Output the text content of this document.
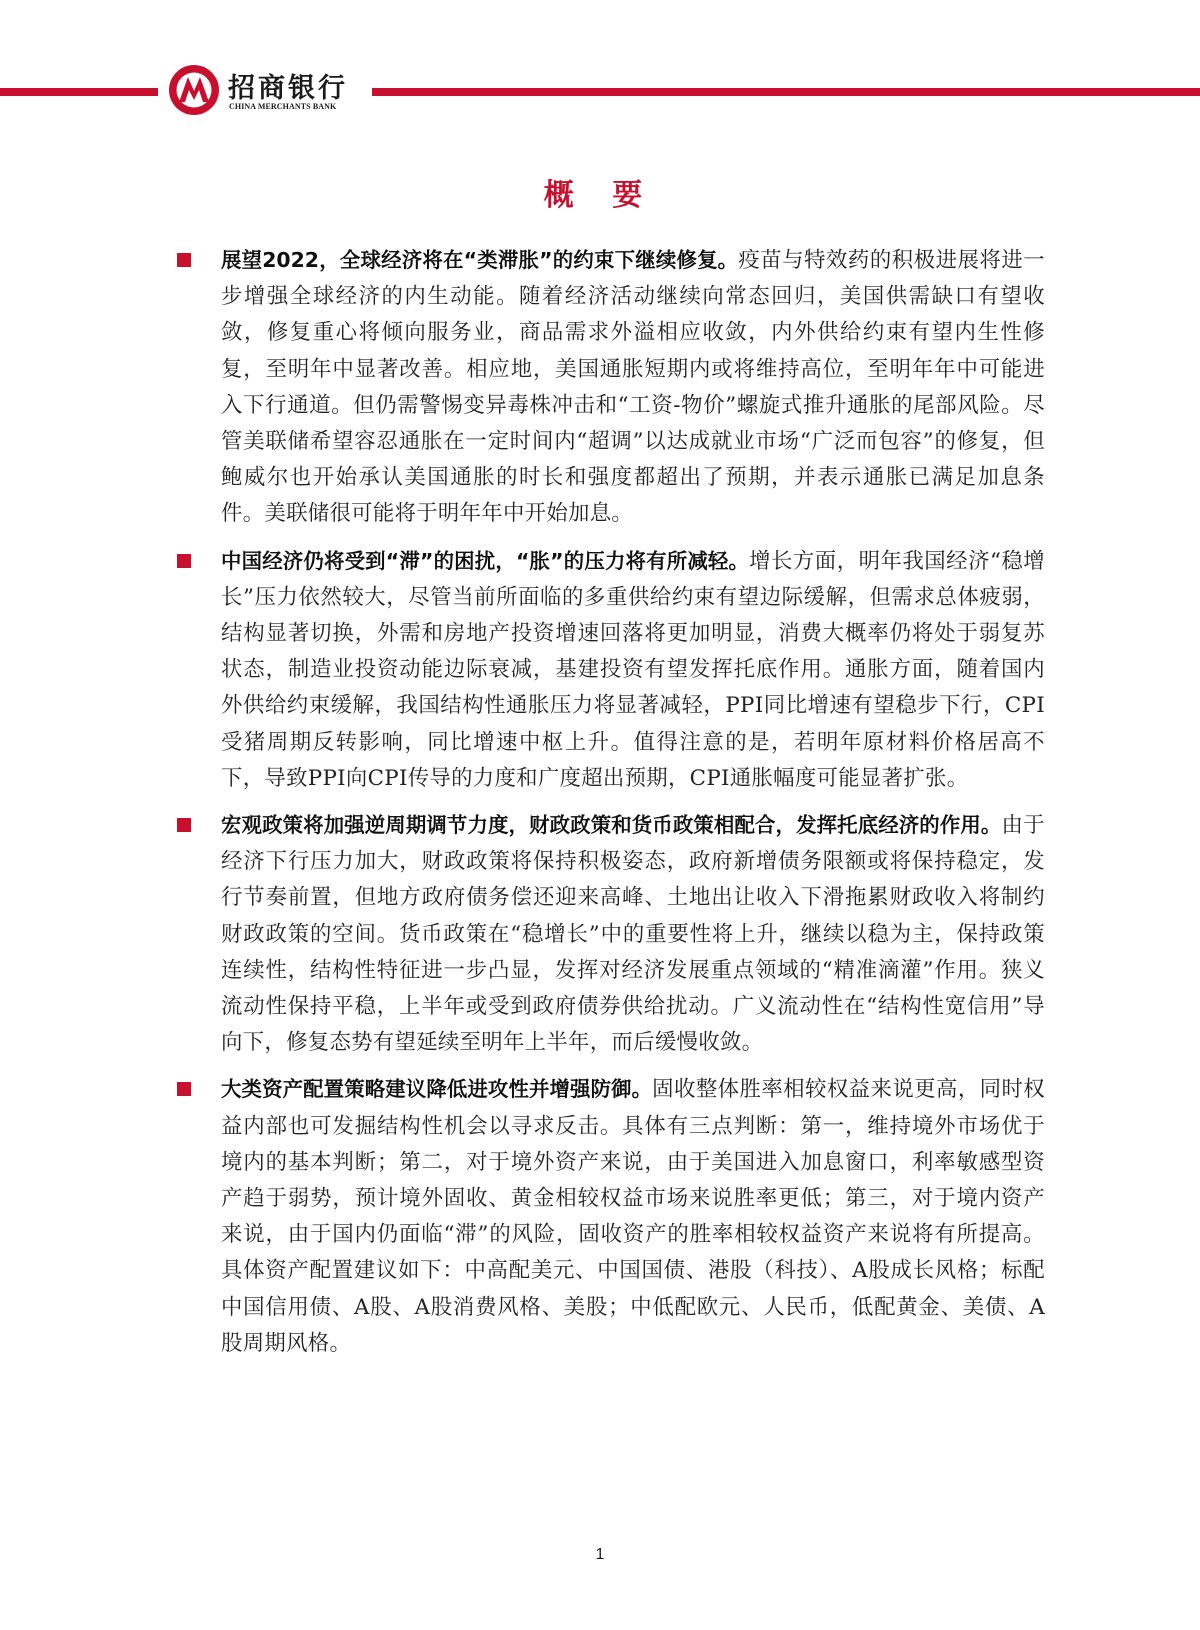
招商银行
CHINA MERCHANTS BANK
概 要
展望2022，全球经济将在“类滞胀”的约束下继续修复。疫苗与特效药的积极进展将进一步增强全球经济的内生动能。随着经济活动继续向常态回归，美国供需缺口有望收敛，修复重心将倾向服务业，商品需求外溢相应收敛，内外供给约束有望内生性修复，至明年中显著改善。相应地，美国通胀短期内或将维持高位，至明年年中可能进入下行通道。但仍需警惕变异毒株冲击和“工资-物价”螺旋式推升通胀的尾部风险。尽管美联储希望容忍通胀在一定时间内“超调”以达成就业市场“广泛而包容”的修复，但鲍威尔也开始承认美国通胀的时长和强度都超出了预期，并表示通胀已满足加息条件。美联储很可能将于明年年中开始加息。
中国经济仍将受到“滞”的困扰，“胀”的压力将有所减轻。增长方面，明年我国经济“稳增长”压力依然较大，尽管当前所面临的多重供给约束有望边际缓解，但需求总体疲弱，结构显著切换，外需和房地产投资增速回落将更加明显，消费大概率仍将处于弱复苏状态，制造业投资动能边际衰减，基建投资有望发挥托底作用。通胀方面，随着国内外供给约束缓解，我国结构性通胀压力将显著减轻，PPI同比增速有望稳步下行，CPI受猪周期反转影响，同比增速中枢上升。值得注意的是，若明年原材料价格居高不下，导致PPI向CPI传导的力度和广度超出预期，CPI通胀幅度可能显著扩张。
宏观政策将加强逆周期调节力度，财政政策和货币政策相配合，发挥托底经济的作用。由于经济下行压力加大，财政政策将保持积极姿态，政府新增债务限额或将保持稳定，发行节奏前置，但地方政府债务偿还迎来高峰、土地出让收入下滑拖累财政收入将制约财政政策的空间。货币政策在“稳增长”中的重要性将上升，继续以稳为主，保持政策连续性，结构性特征进一步凸显，发挥对经济发展重点领域的“精准滴灌”作用。狭义流动性保持平稳，上半年或受到政府债券供给扰动。广义流动性在“结构性宽信用”导向下，修复态势有望延续至明年上半年，而后缓慢收敛。
大类资产配置策略建议降低进攻性并增强防御。固收整体胜率相较权益来说更高，同时权益内部也可发掘结构性机会以寻求反击。具体有三点判断：第一，维持境外市场优于境内的基本判断；第二，对于境外资产来说，由于美国进入加息窗口，利率敏感型资产趋于弱势，预计境外固收、黄金相较权益市场来说胜率更低；第三，对于境内资产来说，由于国内仍面临“滞”的风险，固收资产的胜率相较权益资产来说将有所提高。具体资产配置建议如下：中高配美元、中国国债、港股（科技）、A股成长风格；标配中国信用债、A股、A股消费风格、美股；中低配欧元、人民币，低配黄金、美债、A股周期风格。
1
